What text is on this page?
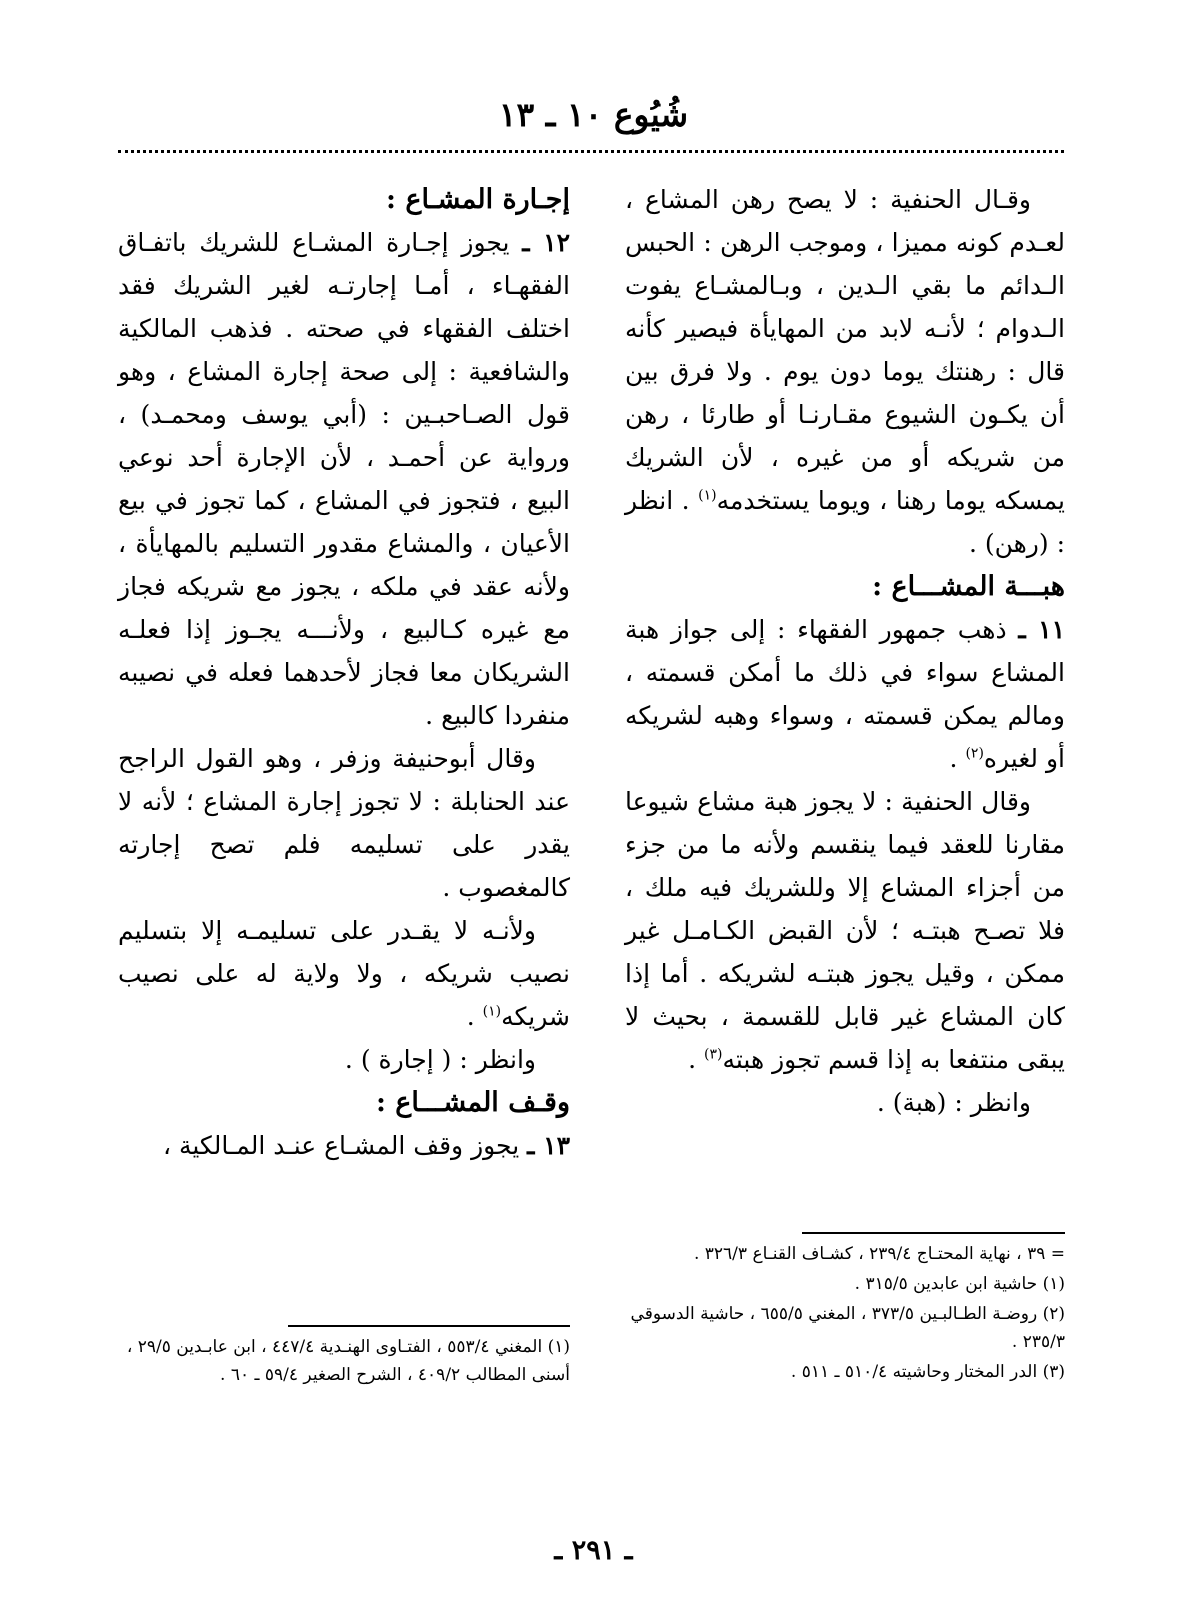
شُيُوع ١٠ ـ ١٣

وقـال الحنفية : لا يصح رهن المشاع ، لعـدم كونه مميزا ، وموجب الرهن : الحبس الـدائم ما بقي الـدين ، وبـالمشـاع يفوت الـدوام ؛ لأنـه لابد من المهايأة فيصير كأنه قال : رهنتك يوما دون يوم . ولا فرق بين أن يكـون الشيوع مقـارنـا أو طارئا ، رهن من شريكه أو من غيره ، لأن الشريك يمسكه يوما رهنا ، ويوما يستخدمه$^{(١)}$ . انظر : (رهن) .

هبـــة المشـــاع :

١١ ـ ذهب جمهور الفقهاء : إلى جواز هبة المشاع سواء في ذلك ما أمكن قسمته ، ومالم يمكن قسمته ، وسواء وهبه لشريكه أو لغيره$^{(٢)}$ .

وقال الحنفية : لا يجوز هبة مشاع شيوعا مقارنا للعقد فيما ينقسم ولأنه ما من جزء من أجزاء المشاع إلا وللشريك فيه ملك ، فلا تصـح هبتـه ؛ لأن القبض الكـامـل غير ممكن ، وقيل يجوز هبتـه لشريكه . أما إذا كان المشاع غير قابل للقسمة ، بحيث لا يبقى منتفعا به إذا قسم تجوز هبته$^{(٣)}$ .

وانظر : (هبة) .

إجـارة المشـاع :

١٢ ـ يجوز إجـارة المشـاع للشريك باتفـاق الفقهـاء ، أمـا إجارتـه لغير الشريك فقد اختلف الفقهاء في صحته . فذهب المالكية والشافعية : إلى صحة إجارة المشاع ، وهو قول الصـاحبـين : (أبي يوسف ومحمـد) ، ورواية عن أحمـد ، لأن الإجارة أحد نوعي البيع ، فتجوز في المشاع ، كما تجوز في بيع الأعيان ، والمشاع مقدور التسليم بالمهايأة ، ولأنه عقد في ملكه ، يجوز مع شريكه فجاز مع غيره كـالبيع ، ولأنـــه يجـوز إذا فعلـه الشريكان معا فجاز لأحدهما فعله في نصيبه منفردا كالبيع .

وقال أبوحنيفة وزفر ، وهو القول الراجح عند الحنابلة : لا تجوز إجارة المشاع ؛ لأنه لا يقدر على تسليمه فلم تصح إجارته كالمغصوب .

ولأنـه لا يقـدر على تسليمـه إلا بتسليم نصيب شريكه ، ولا ولاية له على نصيب شريكه$^{(١)}$ .

وانظر : ( إجارة ) .

وقـف المشـــاع :

١٣ ـ يجوز وقف المشـاع عنـد المـالكية ،

= ٣٩ ، نهاية المحتـاج ٢٣٩/٤ ، كشـاف القنـاع ٣٢٦/٣ .
(١) حاشية ابن عابدين ٣١٥/٥ .
(٢) روضـة الطـالبـين ٣٧٣/٥ ، المغني ٦٥٥/٥ ، حاشية الدسوقي ٢٣٥/٣ .
(٣) الدر المختار وحاشيته ٥١٠/٤ ـ ٥١١ .
(١) المغني ٥٥٣/٤ ، الفتـاوى الهنـدية ٤٤٧/٤ ، ابن عابـدين ٢٩/٥ ، أسنى المطالب ٤٠٩/٢ ، الشرح الصغير ٥٩/٤ ـ ٦٠ .
ـ ٢٩١ ـ
